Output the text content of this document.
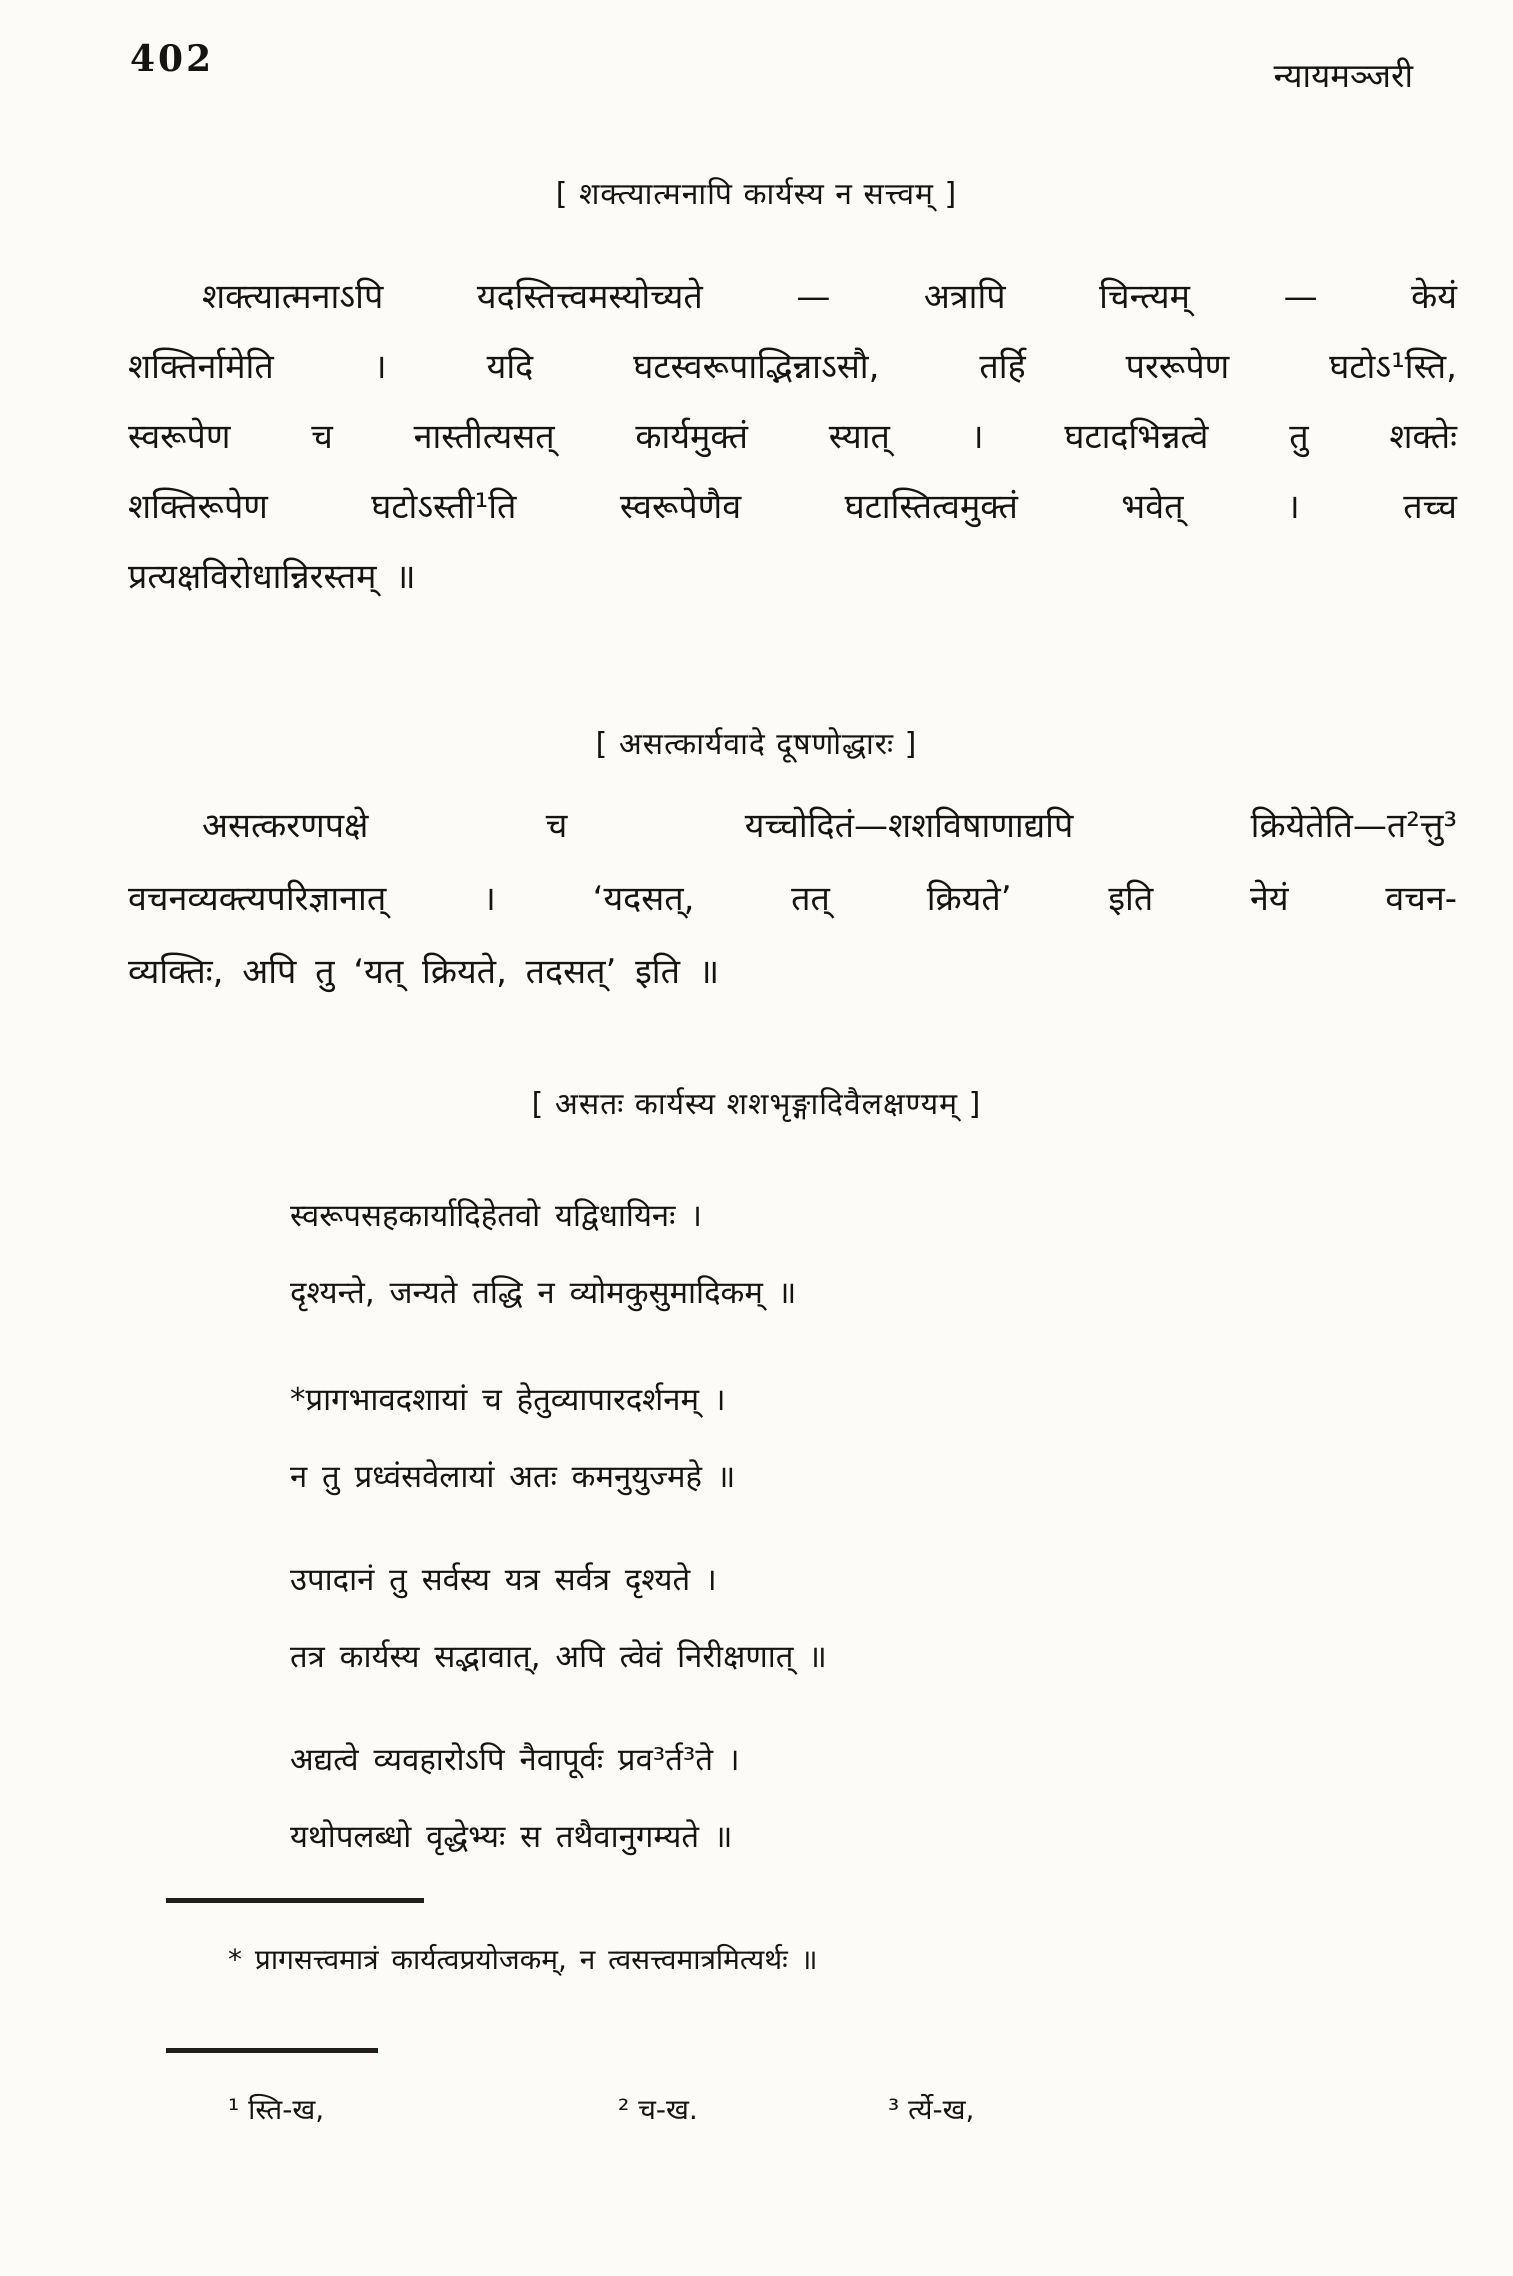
402	न्यायमञ्जरी
[ शक्त्यात्मनापि कार्यस्य न सत्त्वम् ]
शक्त्यात्मनाऽपि यदस्तित्त्वमस्योच्यते — अत्रापि चिन्त्यम् — केयं
शक्तिर्नामेति । यदि घटस्वरूपाद्भिन्नाऽसौ, तर्हि पररूपेण घटोऽ¹स्ति,
स्वरूपेण च नास्तीत्यसत् कार्यमुक्तं स्यात् । घटादभिन्नत्वे तु शक्तेः
शक्तिरूपेण घटोऽस्ती¹ति स्वरूपेणैव घटास्तित्वमुक्तं भवेत् । तच्च
प्रत्यक्षविरोधान्निरस्तम् ॥
[ असत्कार्यवादे दूषणोद्धारः ]
असत्करणपक्षे च यच्चोदितं—शशविषाणाद्यपि क्रियेतेति—त²त्तु³
वचनव्यक्त्यपरिज्ञानात् । ‘यदसत्, तत् क्रियते’ इति नेयं वचन-
व्यक्तिः, अपि तु ‘यत् क्रियते, तदसत्’ इति ॥
[ असतः कार्यस्य शशभृङ्गादिवैलक्षण्यम् ]
स्वरूपसहकार्यादिहेतवो यद्विधायिनः ।
दृश्यन्ते, जन्यते तद्धि न व्योमकुसुमादिकम् ॥
*प्रागभावदशायां च हेतुव्यापारदर्शनम् ।
न तु प्रध्वंसवेलायां अतः कमनुयुज्महे ॥
उपादानं तु सर्वस्य यत्र सर्वत्र दृश्यते ।
तत्र कार्यस्य सद्भावात्, अपि त्वेवं निरीक्षणात् ॥
अद्यत्वे व्यवहारोऽपि नैवापूर्वः प्रव³र्त³ते ।
यथोपलब्धो वृद्धेभ्यः स तथैवानुगम्यते ॥
* प्रागसत्त्वमात्रं कार्यत्वप्रयोजकम्, न त्वसत्त्वमात्रमित्यर्थः ॥
¹ स्ति-ख,	² च-ख.	³ र्त्ये-ख,
